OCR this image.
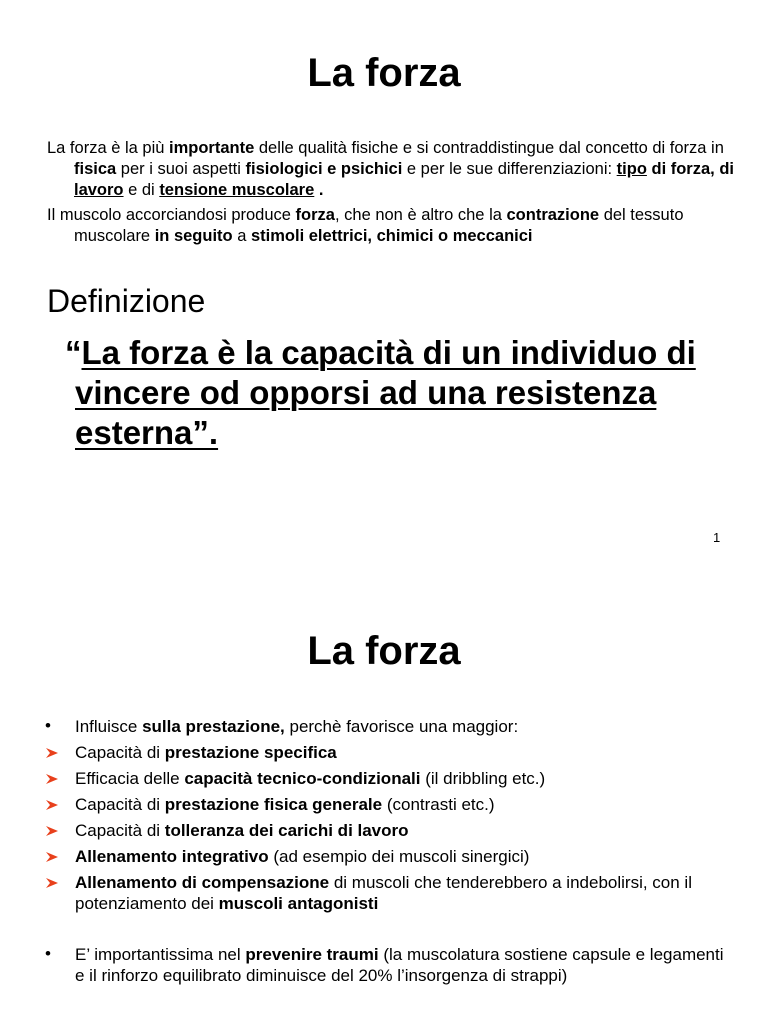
La forza

La forza è la più importante delle qualità fisiche e si contraddistingue dal concetto di forza in fisica per i suoi aspetti fisiologici e psichici e per le sue differenziazioni: tipo di forza, di lavoro e di tensione muscolare .

Il muscolo accorciandosi produce forza, che non è altro che la contrazione del tessuto muscolare in seguito a stimoli elettrici, chimici o meccanici

Definizione

“La forza è la capacità di un individuo di vincere od opporsi ad una resistenza esterna”.

1
La forza
•	Influisce sulla prestazione, perchè favorisce una maggior:
Capacità di prestazione specifica
Efficacia delle capacità tecnico-condizionali (il dribbling etc.)
Capacità di prestazione fisica generale (contrasti etc.)
Capacità di tolleranza dei carichi di lavoro
Allenamento integrativo (ad esempio dei muscoli sinergici)
Allenamento di compensazione di muscoli che tenderebbero a indebolirsi, con il potenziamento dei muscoli antagonisti
•	E’ importantissima nel prevenire traumi (la muscolatura sostiene capsule e legamenti e il rinforzo equilibrato diminuisce del 20% l’insorgenza di strappi)
